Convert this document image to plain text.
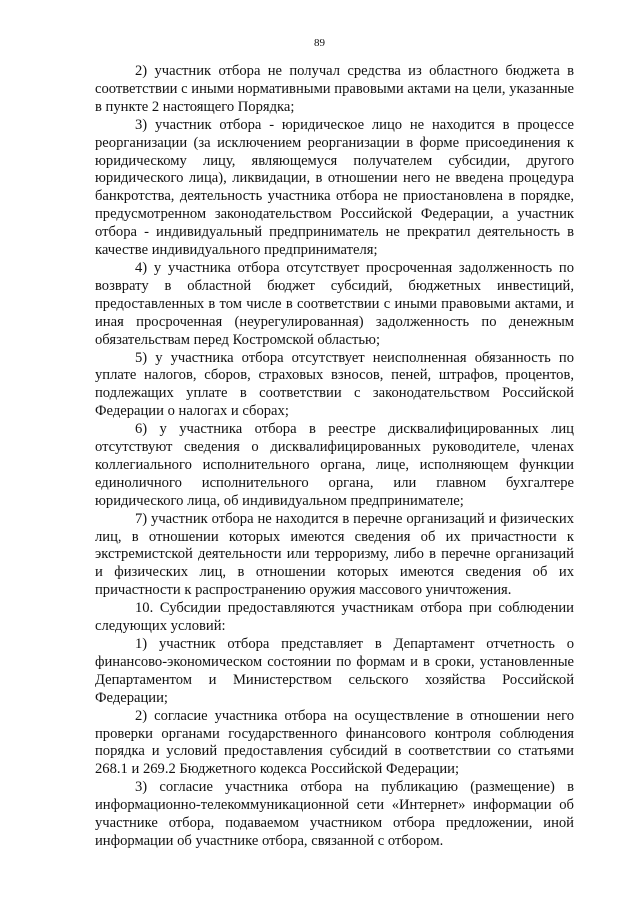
89

2) участник отбора не получал средства из областного бюджета в соответствии с иными нормативными правовыми актами на цели, указанные в пункте 2 настоящего Порядка;

3) участник отбора - юридическое лицо не находится в процессе реорганизации (за исключением реорганизации в форме присоединения к юридическому лицу, являющемуся получателем субсидии, другого юридического лица), ликвидации, в отношении него не введена процедура банкротства, деятельность участника отбора не приостановлена в порядке, предусмотренном законодательством Российской Федерации, а участник отбора - индивидуальный предприниматель не прекратил деятельность в качестве индивидуального предпринимателя;

4) у участника отбора отсутствует просроченная задолженность по возврату в областной бюджет субсидий, бюджетных инвестиций, предоставленных в том числе в соответствии с иными правовыми актами, и иная просроченная (неурегулированная) задолженность по денежным обязательствам перед Костромской областью;

5) у участника отбора отсутствует неисполненная обязанность по уплате налогов, сборов, страховых взносов, пеней, штрафов, процентов, подлежащих уплате в соответствии с законодательством Российской Федерации о налогах и сборах;

6) у участника отбора в реестре дисквалифицированных лиц отсутствуют сведения о дисквалифицированных руководителе, членах коллегиального исполнительного органа, лице, исполняющем функции единоличного исполнительного органа, или главном бухгалтере юридического лица, об индивидуальном предпринимателе;

7) участник отбора не находится в перечне организаций и физических лиц, в отношении которых имеются сведения об их причастности к экстремистской деятельности или терроризму, либо в перечне организаций и физических лиц, в отношении которых имеются сведения об их причастности к распространению оружия массового уничтожения.

10. Субсидии предоставляются участникам отбора при соблюдении следующих условий:

1) участник отбора представляет в Департамент отчетность о финансово-экономическом состоянии по формам и в сроки, установленные Департаментом и Министерством сельского хозяйства Российской Федерации;

2) согласие участника отбора на осуществление в отношении него проверки органами государственного финансового контроля соблюдения порядка и условий предоставления субсидий в соответствии со статьями 268.1 и 269.2 Бюджетного кодекса Российской Федерации;

3) согласие участника отбора на публикацию (размещение) в информационно-телекоммуникационной сети «Интернет» информации об участнике отбора, подаваемом участником отбора предложении, иной информации об участнике отбора, связанной с отбором.
